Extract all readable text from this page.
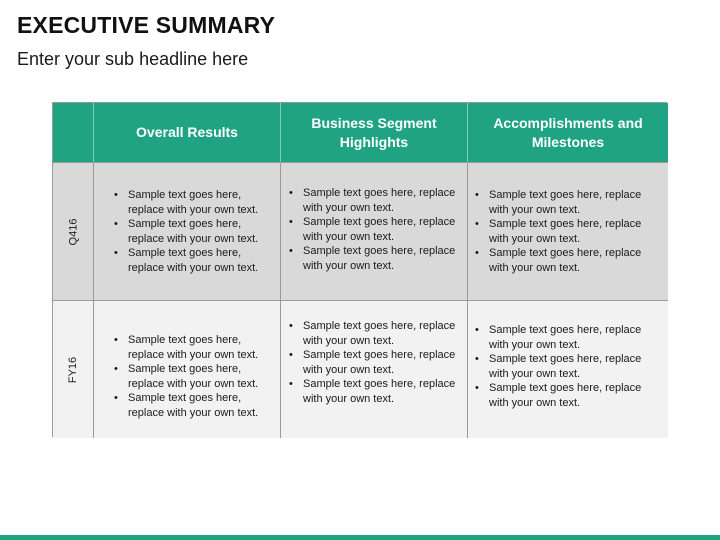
EXECUTIVE SUMMARY
Enter your sub headline here
Overall Results
Business Segment Highlights
Accomplishments and Milestones
Q416
• Sample text goes here, replace with your own text.
• Sample text goes here, replace with your own text.
• Sample text goes here, replace with your own text.
• Sample text goes here, replace with your own text.
• Sample text goes here, replace with your own text.
• Sample text goes here, replace with your own text.
• Sample text goes here, replace with your own text.
• Sample text goes here, replace with your own text.
• Sample text goes here, replace with your own text.
FY16
• Sample text goes here, replace with your own text.
• Sample text goes here, replace with your own text.
• Sample text goes here, replace with your own text.
• Sample text goes here, replace with your own text.
• Sample text goes here, replace with your own text.
• Sample text goes here, replace with your own text.
• Sample text goes here, replace with your own text.
• Sample text goes here, replace with your own text.
• Sample text goes here, replace with your own text.
